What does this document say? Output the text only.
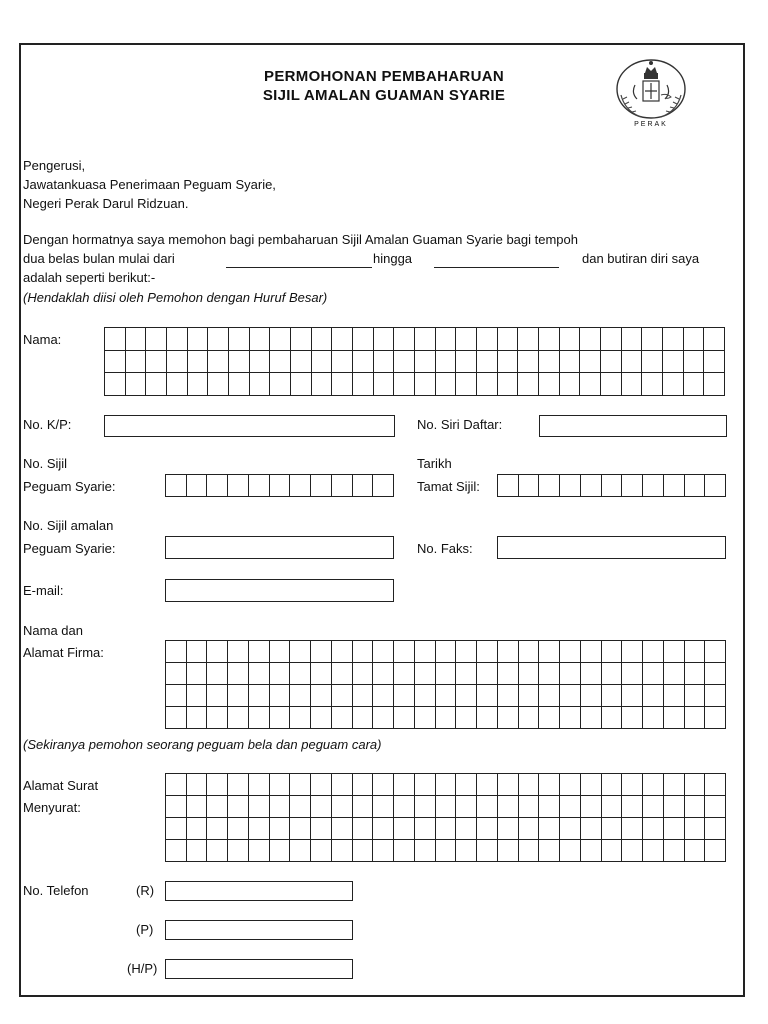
PERMOHONAN PEMBAHARUAN
SIJIL AMALAN GUAMAN SYARIE
PERAK
Pengerusi,
Jawatankuasa Penerimaan Peguam Syarie,
Negeri Perak Darul Ridzuan.
Dengan hormatnya saya memohon bagi pembaharuan Sijil Amalan Guaman Syarie bagi tempoh
dua belas bulan mulai dari	hingga	dan butiran diri saya
adalah seperti berikut:-
(Hendaklah diisi oleh Pemohon dengan Huruf Besar)
Nama:
No. K/P:	No. Siri Daftar:
No. Sijil
Peguam Syarie:
Tarikh
Tamat Sijil:
No. Sijil amalan
Peguam Syarie:	No. Faks:
E-mail:
Nama dan
Alamat Firma:
(Sekiranya pemohon seorang peguam bela dan peguam cara)
Alamat Surat
Menyurat:
No. Telefon	(R)
(P)
(H/P)
